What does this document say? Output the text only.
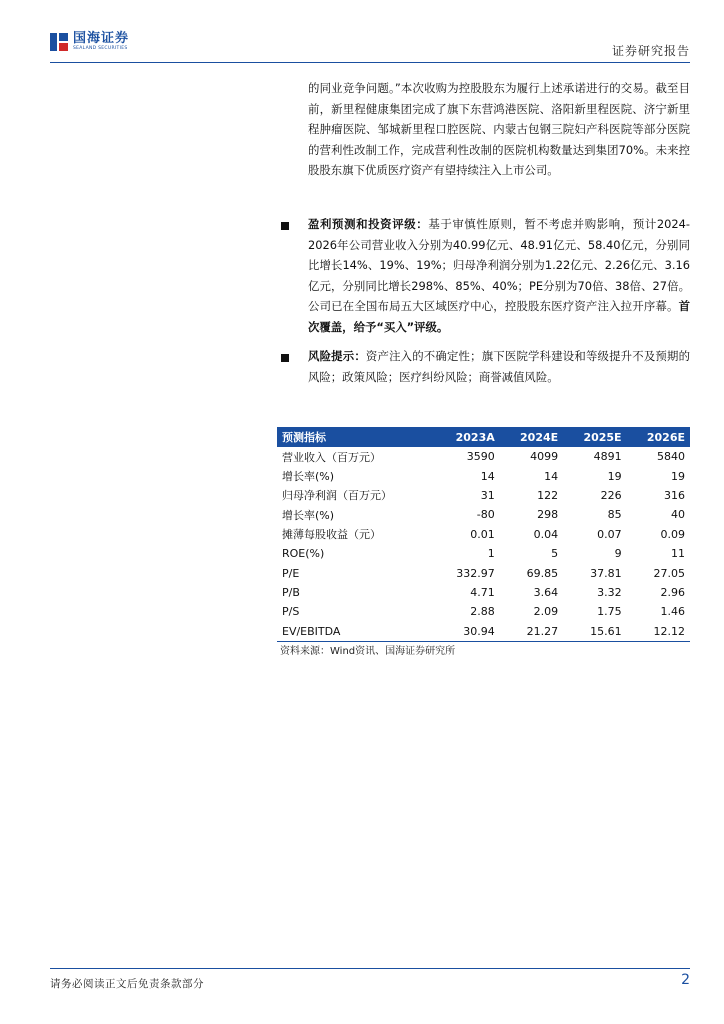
国海证券
SEALAND SECURITIES	证券研究报告
的同业竞争问题。”本次收购为控股股东为履行上述承诺进行的交易。截至目前，新里程健康集团完成了旗下东营鸿港医院、洛阳新里程医院、济宁新里程肿瘤医院、邹城新里程口腔医院、内蒙古包钢三院妇产科医院等部分医院的营利性改制工作，完成营利性改制的医院机构数量达到集团70%。未来控股股东旗下优质医疗资产有望持续注入上市公司。
盈利预测和投资评级：基于审慎性原则，暂不考虑并购影响，预计2024-2026年公司营业收入分别为40.99亿元、48.91亿元、58.40亿元，分别同比增长14%、19%、19%；归母净利润分别为1.22亿元、2.26亿元、3.16亿元，分别同比增长298%、85%、40%；PE分别为70倍、38倍、27倍。公司已在全国布局五大区域医疗中心，控股股东医疗资产注入拉开序幕。首次覆盖，给予“买入”评级。
风险提示：资产注入的不确定性；旗下医院学科建设和等级提升不及预期的风险；政策风险；医疗纠纷风险；商誉减值风险。
预测指标	2023A	2024E	2025E	2026E
营业收入（百万元）	3590	4099	4891	5840
增长率(%)	14	14	19	19
归母净利润（百万元）	31	122	226	316
增长率(%)	-80	298	85	40
摊薄每股收益（元）	0.01	0.04	0.07	0.09
ROE(%)	1	5	9	11
P/E	332.97	69.85	37.81	27.05
P/B	4.71	3.64	3.32	2.96
P/S	2.88	2.09	1.75	1.46
EV/EBITDA	30.94	21.27	15.61	12.12
资料来源：Wind资讯、国海证券研究所
请务必阅读正文后免责条款部分	2
